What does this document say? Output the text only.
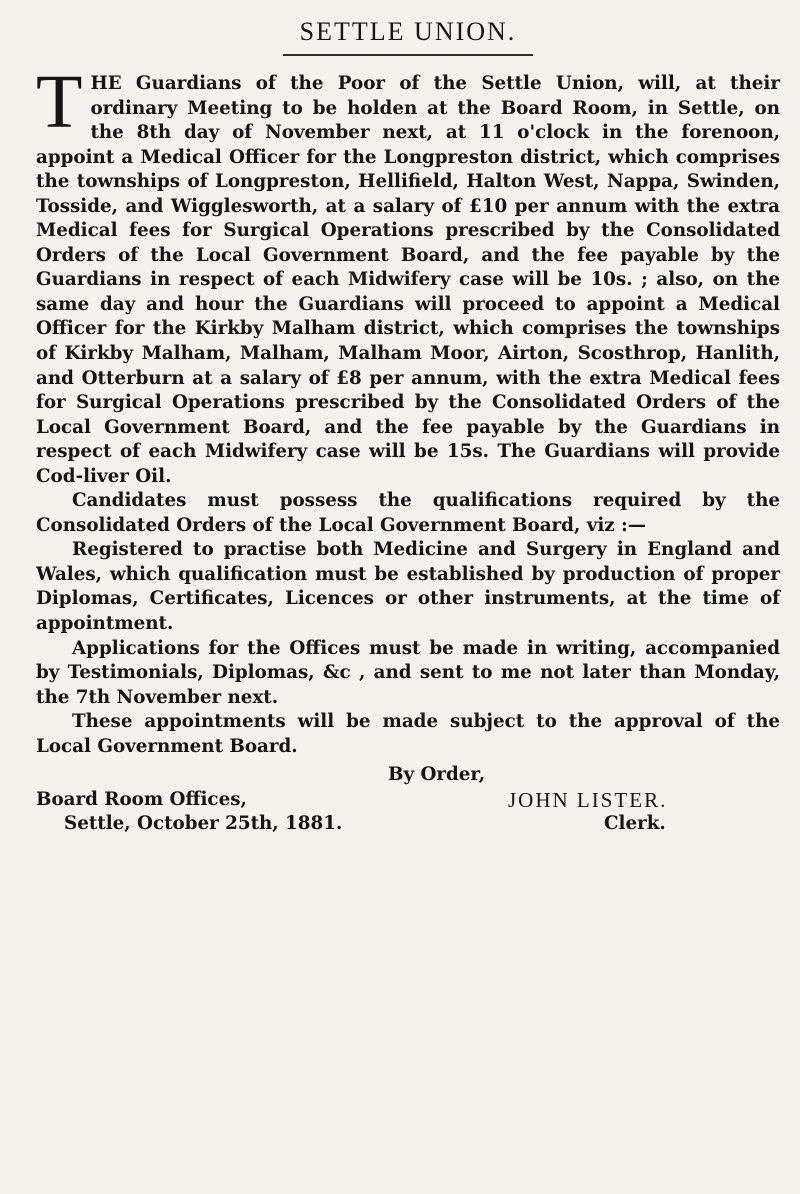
SETTLE UNION.

THE Guardians of the Poor of the Settle Union, will, at their ordinary Meeting to be holden at the Board Room, in Settle, on the 8th day of November next, at 11 o'clock in the forenoon, appoint a Medical Officer for the Longpreston district, which comprises the townships of Longpreston, Hellifield, Halton West, Nappa, Swinden, Tosside, and Wigglesworth, at a salary of £10 per annum with the extra Medical fees for Surgical Operations prescribed by the Consolidated Orders of the Local Government Board, and the fee payable by the Guardians in respect of each Midwifery case will be 10s. ; also, on the same day and hour the Guardians will proceed to appoint a Medical Officer for the Kirkby Malham district, which comprises the townships of Kirkby Malham, Malham, Malham Moor, Airton, Scosthrop, Hanlith, and Otterburn at a salary of £8 per annum, with the extra Medical fees for Surgical Operations prescribed by the Consolidated Orders of the Local Government Board, and the fee payable by the Guardians in respect of each Midwifery case will be 15s. The Guardians will provide Cod-liver Oil.

Candidates must possess the qualifications required by the Consolidated Orders of the Local Government Board, viz :—

Registered to practise both Medicine and Surgery in England and Wales, which qualification must be established by production of proper Diplomas, Certificates, Licences or other instruments, at the time of appointment.

Applications for the Offices must be made in writing, accompanied by Testimonials, Diplomas, &c , and sent to me not later than Monday, the 7th November next.

These appointments will be made subject to the approval of the Local Government Board.

By Order,
Board Room Offices,	JOHN LISTER.
Settle, October 25th, 1881.	Clerk.
